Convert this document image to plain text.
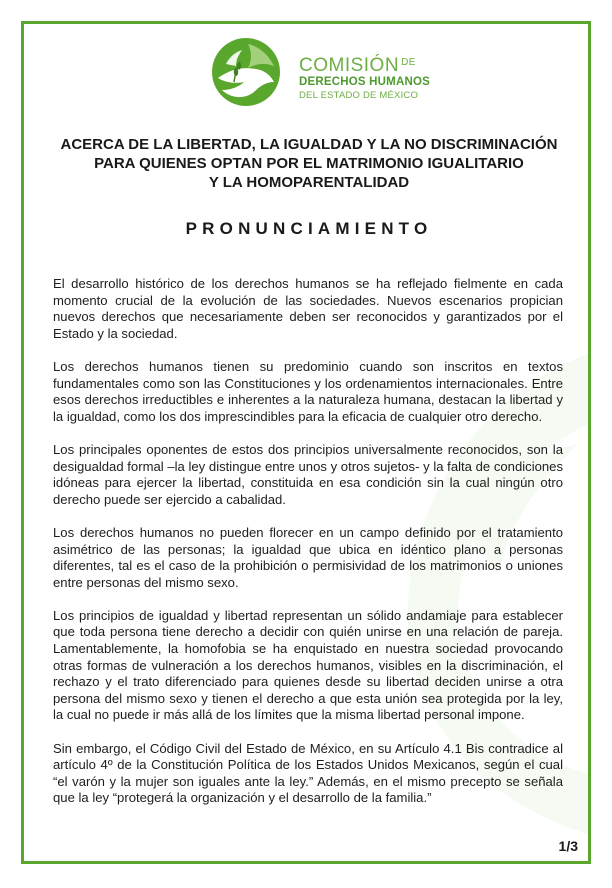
COMISIÓN $^{DE}$
DERECHOS HUMANOS
DEL ESTADO DE MÉXICO
ACERCA DE LA LIBERTAD, LA IGUALDAD Y LA NO DISCRIMINACIÓN
PARA QUIENES OPTAN POR EL MATRIMONIO IGUALITARIO
Y LA HOMOPARENTALIDAD
PRONUNCIAMIENTO

El desarrollo histórico de los derechos humanos se ha reflejado fielmente en cada momento crucial de la evolución de las sociedades. Nuevos escenarios propician nuevos derechos que necesariamente deben ser reconocidos y garantizados por el Estado y la sociedad.

Los derechos humanos tienen su predominio cuando son inscritos en textos fundamentales como son las Constituciones y los ordenamientos internacionales. Entre esos derechos irreductibles e inherentes a la naturaleza humana, destacan la libertad y la igualdad, como los dos imprescindibles para la eficacia de cualquier otro derecho.

Los principales oponentes de estos dos principios universalmente reconocidos, son la desigualdad formal –la ley distingue entre unos y otros sujetos- y la falta de condiciones idóneas para ejercer la libertad, constituida en esa condición sin la cual ningún otro derecho puede ser ejercido a cabalidad.

Los derechos humanos no pueden florecer en un campo definido por el tratamiento asimétrico de las personas; la igualdad que ubica en idéntico plano a personas diferentes, tal es el caso de la prohibición o permisividad de los matrimonios o uniones entre personas del mismo sexo.

Los principios de igualdad y libertad representan un sólido andamiaje para establecer que toda persona tiene derecho a decidir con quién unirse en una relación de pareja. Lamentablemente, la homofobia se ha enquistado en nuestra sociedad provocando otras formas de vulneración a los derechos humanos, visibles en la discriminación, el rechazo y el trato diferenciado para quienes desde su libertad deciden unirse a otra persona del mismo sexo y tienen el derecho a que esta unión sea protegida por la ley, la cual no puede ir más allá de los límites que la misma libertad personal impone.

Sin embargo, el Código Civil del Estado de México, en su Artículo 4.1 Bis contradice al artículo 4º de la Constitución Política de los Estados Unidos Mexicanos, según el cual “el varón y la mujer son iguales ante la ley.” Además, en el mismo precepto se señala que la ley “protegerá la organización y el desarrollo de la familia.”

1/3
